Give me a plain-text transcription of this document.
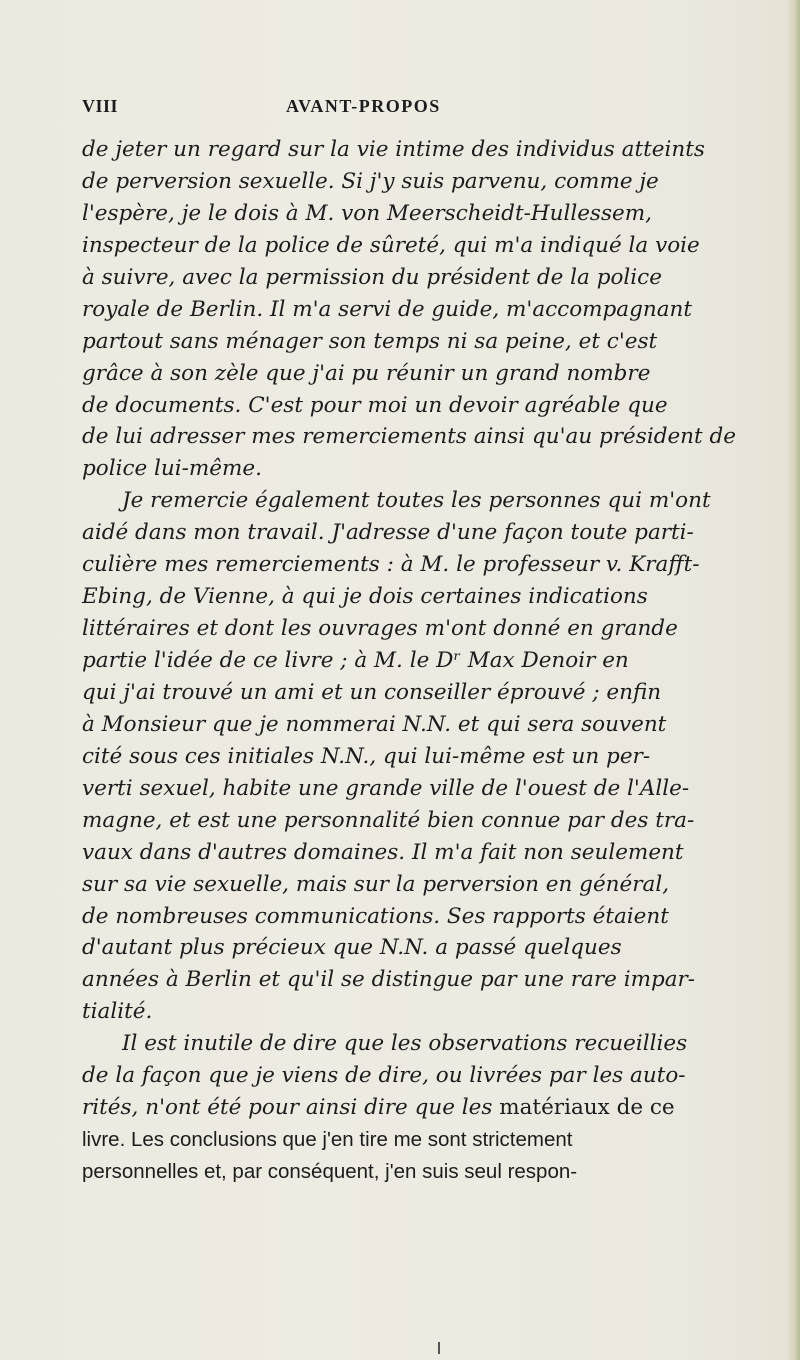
VIII	AVANT-PROPOS
de jeter un regard sur la vie intime des individus atteints
de perversion sexuelle. Si j'y suis parvenu, comme je
l'espère, je le dois à M. von Meerscheidt-Hullessem,
inspecteur de la police de sûreté, qui m'a indiqué la voie
à suivre, avec la permission du président de la police
royale de Berlin. Il m'a servi de guide, m'accompagnant
partout sans ménager son temps ni sa peine, et c'est
grâce à son zèle que j'ai pu réunir un grand nombre
de documents. C'est pour moi un devoir agréable que
de lui adresser mes remerciements ainsi qu'au président de
police lui-même.
Je remercie également toutes les personnes qui m'ont
aidé dans mon travail. J'adresse d'une façon toute parti-
culière mes remerciements : à M. le professeur v. Krafft-
Ebing, de Vienne, à qui je dois certaines indications
littéraires et dont les ouvrages m'ont donné en grande
partie l'idée de ce livre ; à M. le Dʳ Max Denoir en
qui j'ai trouvé un ami et un conseiller éprouvé ; enfin
à Monsieur que je nommerai N.N. et qui sera souvent
cité sous ces initiales N.N., qui lui-même est un per-
verti sexuel, habite une grande ville de l'ouest de l'Alle-
magne, et est une personnalité bien connue par des tra-
vaux dans d'autres domaines. Il m'a fait non seulement
sur sa vie sexuelle, mais sur la perversion en général,
de nombreuses communications. Ses rapports étaient
d'autant plus précieux que N.N. a passé quelques
années à Berlin et qu'il se distingue par une rare impar-
tialité.
Il est inutile de dire que les observations recueillies
de la façon que je viens de dire, ou livrées par les auto-
rités, n'ont été pour ainsi dire que les matériaux de ce
livre. Les conclusions que j'en tire me sont strictement
personnelles et, par conséquent, j'en suis seul respon-
